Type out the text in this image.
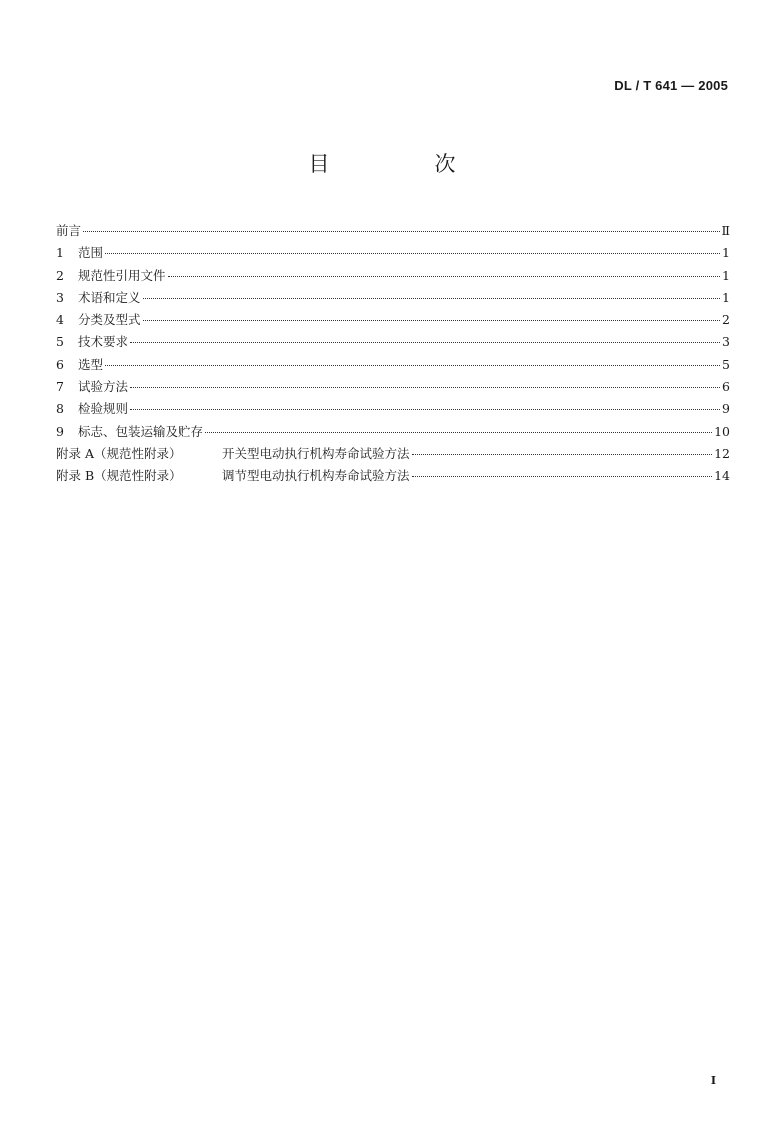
DL / T 641 — 2005
目　次
前言	Ⅱ
1	范围	1
2	规范性引用文件	1
3	术语和定义	1
4	分类及型式	2
5	技术要求	3
6	选型	5
7	试验方法	6
8	检验规则	9
9	标志、包装运输及贮存	10
附录 A（规范性附录）	开关型电动执行机构寿命试验方法	12
附录 B（规范性附录）	调节型电动执行机构寿命试验方法	14
I
